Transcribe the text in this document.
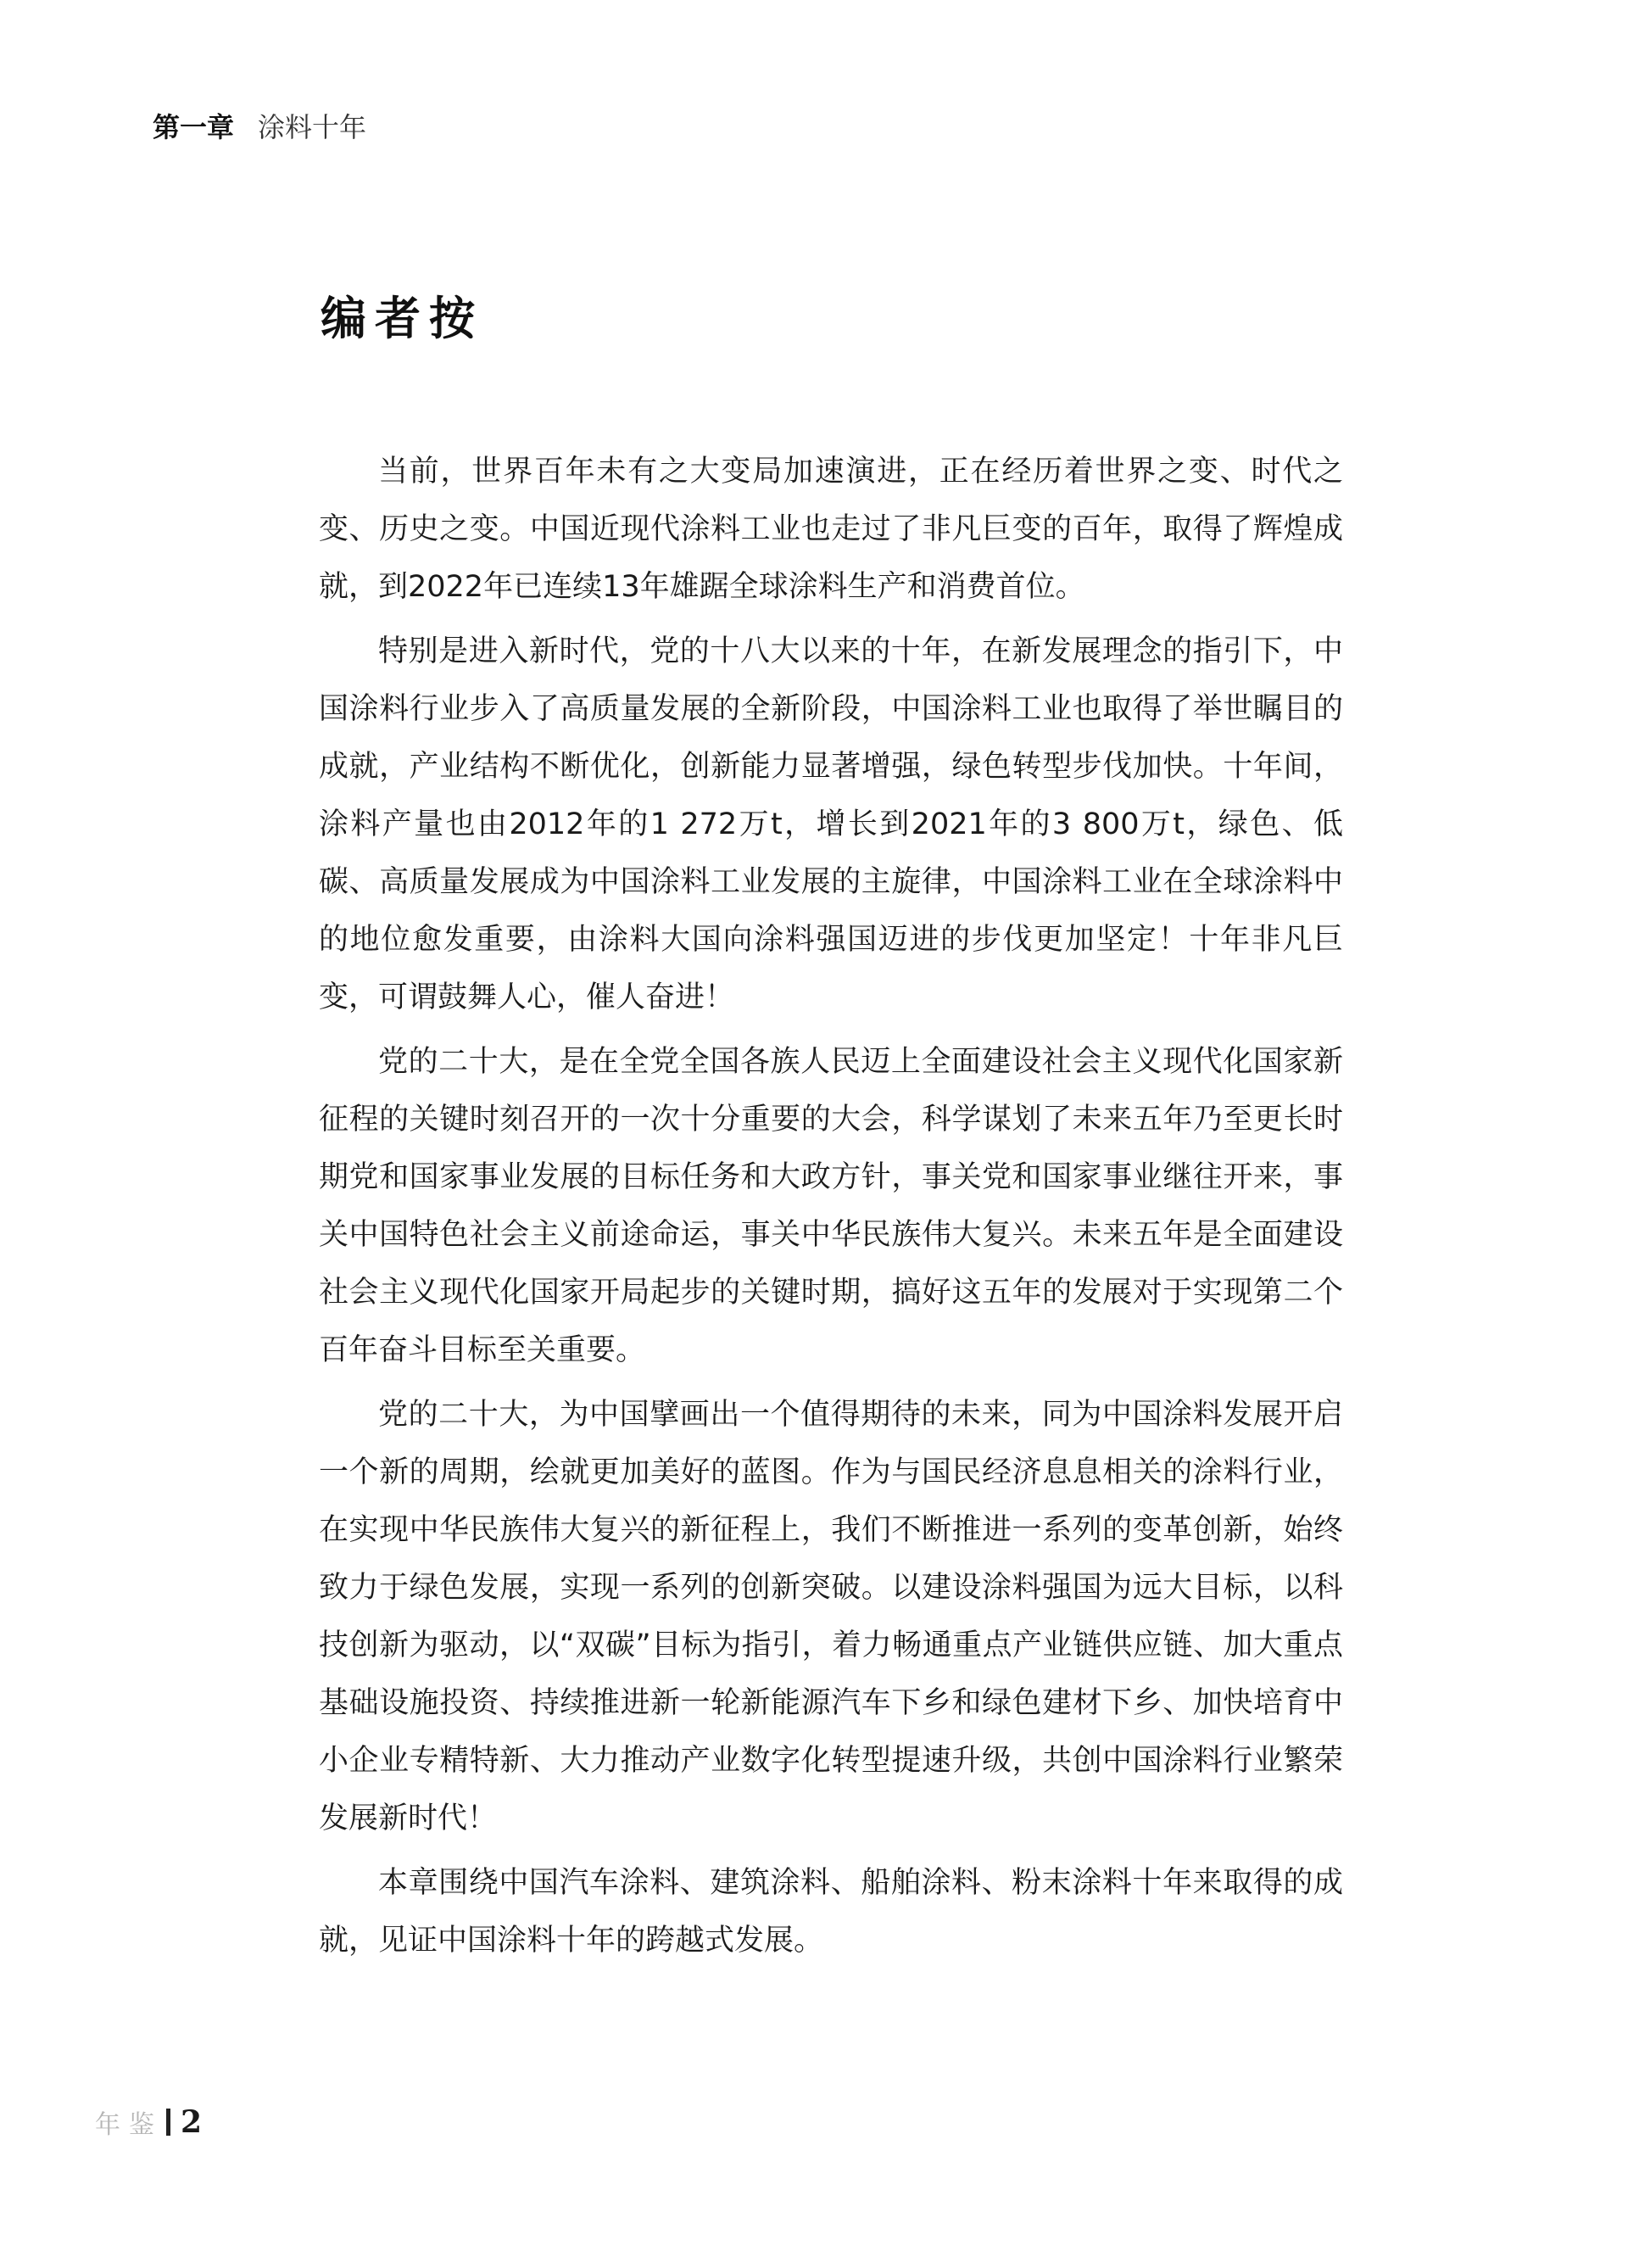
第一章 涂料十年
编者按

当前，世界百年未有之大变局加速演进，正在经历着世界之变、时代之变、历史之变。中国近现代涂料工业也走过了非凡巨变的百年，取得了辉煌成就，到2022年已连续13年雄踞全球涂料生产和消费首位。

特别是进入新时代，党的十八大以来的十年，在新发展理念的指引下，中国涂料行业步入了高质量发展的全新阶段，中国涂料工业也取得了举世瞩目的成就，产业结构不断优化，创新能力显著增强，绿色转型步伐加快。十年间，涂料产量也由2012年的1 272万t，增长到2021年的3 800万t，绿色、低碳、高质量发展成为中国涂料工业发展的主旋律，中国涂料工业在全球涂料中的地位愈发重要，由涂料大国向涂料强国迈进的步伐更加坚定！十年非凡巨变，可谓鼓舞人心，催人奋进！

党的二十大，是在全党全国各族人民迈上全面建设社会主义现代化国家新征程的关键时刻召开的一次十分重要的大会，科学谋划了未来五年乃至更长时期党和国家事业发展的目标任务和大政方针，事关党和国家事业继往开来，事关中国特色社会主义前途命运，事关中华民族伟大复兴。未来五年是全面建设社会主义现代化国家开局起步的关键时期，搞好这五年的发展对于实现第二个百年奋斗目标至关重要。

党的二十大，为中国擘画出一个值得期待的未来，同为中国涂料发展开启一个新的周期，绘就更加美好的蓝图。作为与国民经济息息相关的涂料行业，在实现中华民族伟大复兴的新征程上，我们不断推进一系列的变革创新，始终致力于绿色发展，实现一系列的创新突破。以建设涂料强国为远大目标，以科技创新为驱动，以“双碳”目标为指引，着力畅通重点产业链供应链、加大重点基础设施投资、持续推进新一轮新能源汽车下乡和绿色建材下乡、加快培育中小企业专精特新、大力推动产业数字化转型提速升级，共创中国涂料行业繁荣发展新时代！

本章围绕中国汽车涂料、建筑涂料、船舶涂料、粉末涂料十年来取得的成就，见证中国涂料十年的跨越式发展。

年鉴 2
